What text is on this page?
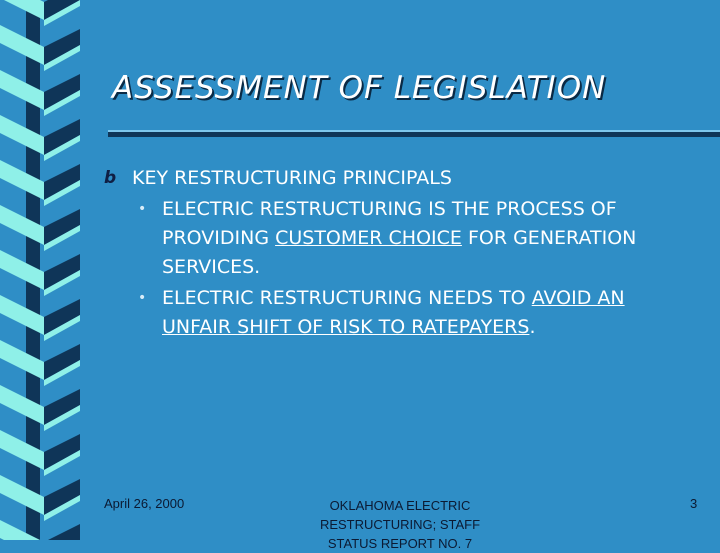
ASSESSMENT OF LEGISLATION
b KEY RESTRUCTURING PRINCIPALS
• ELECTRIC RESTRUCTURING IS THE PROCESS OF PROVIDING CUSTOMER CHOICE FOR GENERATION SERVICES.
• ELECTRIC RESTRUCTURING NEEDS TO AVOID AN UNFAIR SHIFT OF RISK TO RATEPAYERS.
April 26, 2000	OKLAHOMA ELECTRIC
RESTRUCTURING; STAFF
STATUS REPORT NO. 7
3
